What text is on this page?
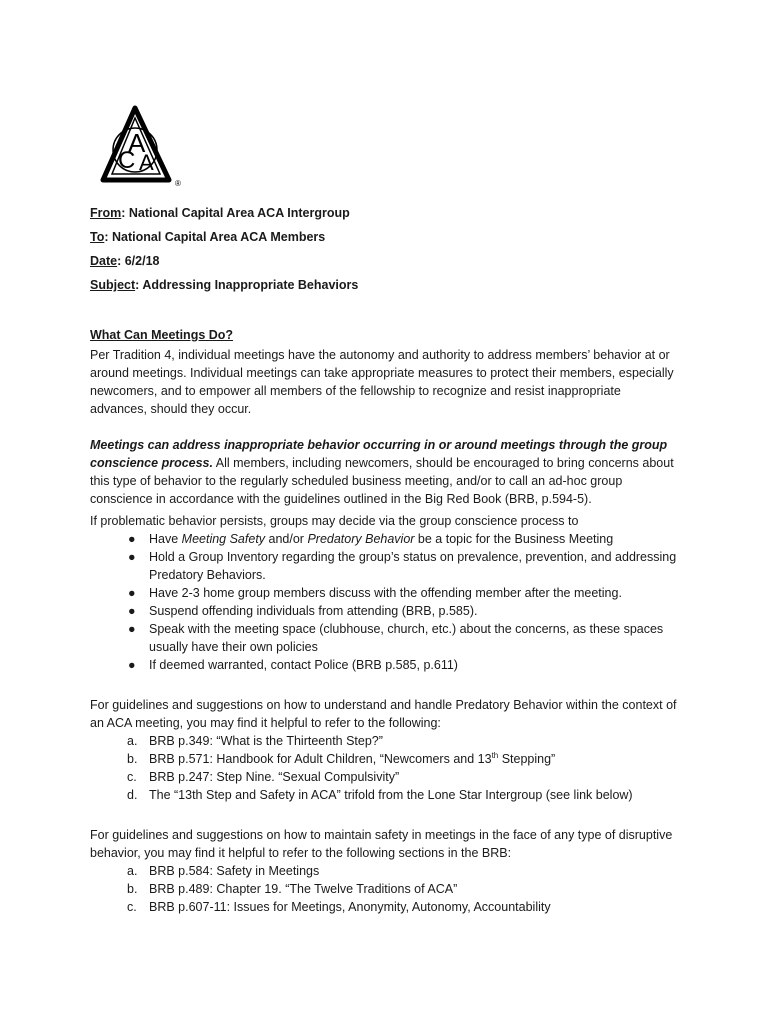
C
A
A
®
From: National Capital Area ACA Intergroup
To: National Capital Area ACA Members
Date: 6/2/18
Subject: Addressing Inappropriate Behaviors
What Can Meetings Do?

Per Tradition 4, individual meetings have the autonomy and authority to address members’ behavior at or around meetings. Individual meetings can take appropriate measures to protect their members, especially newcomers, and to empower all members of the fellowship to recognize and resist inappropriate advances, should they occur.

Meetings can address inappropriate behavior occurring in or around meetings through the group conscience process. All members, including newcomers, should be encouraged to bring concerns about this type of behavior to the regularly scheduled business meeting, and/or to call an ad-hoc group conscience in accordance with the guidelines outlined in the Big Red Book (BRB, p.594-5).

If problematic behavior persists, groups may decide via the group conscience process to

● Have Meeting Safety and/or Predatory Behavior be a topic for the Business Meeting
● Hold a Group Inventory regarding the group’s status on prevalence, prevention, and addressing Predatory Behaviors.
● Have 2-3 home group members discuss with the offending member after the meeting.
● Suspend offending individuals from attending (BRB, p.585).
● Speak with the meeting space (clubhouse, church, etc.) about the concerns, as these spaces usually have their own policies
● If deemed warranted, contact Police (BRB p.585, p.611)

For guidelines and suggestions on how to understand and handle Predatory Behavior within the context of an ACA meeting, you may find it helpful to refer to the following:

a. BRB p.349: “What is the Thirteenth Step?”
b. BRB p.571: Handbook for Adult Children, “Newcomers and 13th Stepping”
c. BRB p.247: Step Nine. “Sexual Compulsivity”
d. The “13th Step and Safety in ACA” trifold from the Lone Star Intergroup (see link below)

For guidelines and suggestions on how to maintain safety in meetings in the face of any type of disruptive behavior, you may find it helpful to refer to the following sections in the BRB:

a. BRB p.584: Safety in Meetings
b. BRB p.489: Chapter 19. “The Twelve Traditions of ACA”
c. BRB p.607-11: Issues for Meetings, Anonymity, Autonomy, Accountability
